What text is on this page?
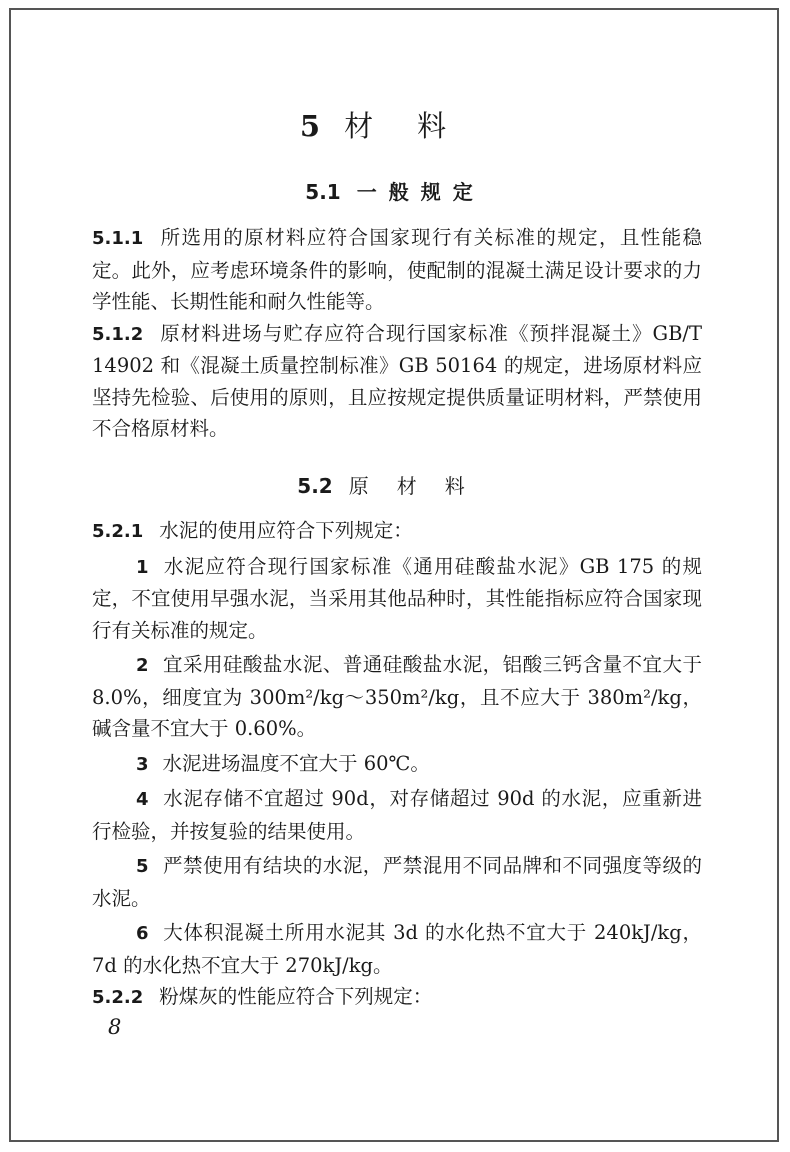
5 材料
5.1 一般规定

5.1.1 所选用的原材料应符合国家现行有关标准的规定，且性能稳定。此外，应考虑环境条件的影响，使配制的混凝土满足设计要求的力学性能、长期性能和耐久性能等。

5.1.2 原材料进场与贮存应符合现行国家标准《预拌混凝土》GB/T 14902 和《混凝土质量控制标准》GB 50164 的规定，进场原材料应坚持先检验、后使用的原则，且应按规定提供质量证明材料，严禁使用不合格原材料。

5.2 原材料

5.2.1 水泥的使用应符合下列规定：

1 水泥应符合现行国家标准《通用硅酸盐水泥》GB 175 的规定，不宜使用早强水泥，当采用其他品种时，其性能指标应符合国家现行有关标准的规定。

2 宜采用硅酸盐水泥、普通硅酸盐水泥，铝酸三钙含量不宜大于 8.0%，细度宜为 300m²/kg～350m²/kg，且不应大于 380m²/kg，碱含量不宜大于 0.60%。

3 水泥进场温度不宜大于 60℃。

4 水泥存储不宜超过 90d，对存储超过 90d 的水泥，应重新进行检验，并按复验的结果使用。

5 严禁使用有结块的水泥，严禁混用不同品牌和不同强度等级的水泥。

6 大体积混凝土所用水泥其 3d 的水化热不宜大于 240kJ/kg，7d 的水化热不宜大于 270kJ/kg。

5.2.2 粉煤灰的性能应符合下列规定：

8
